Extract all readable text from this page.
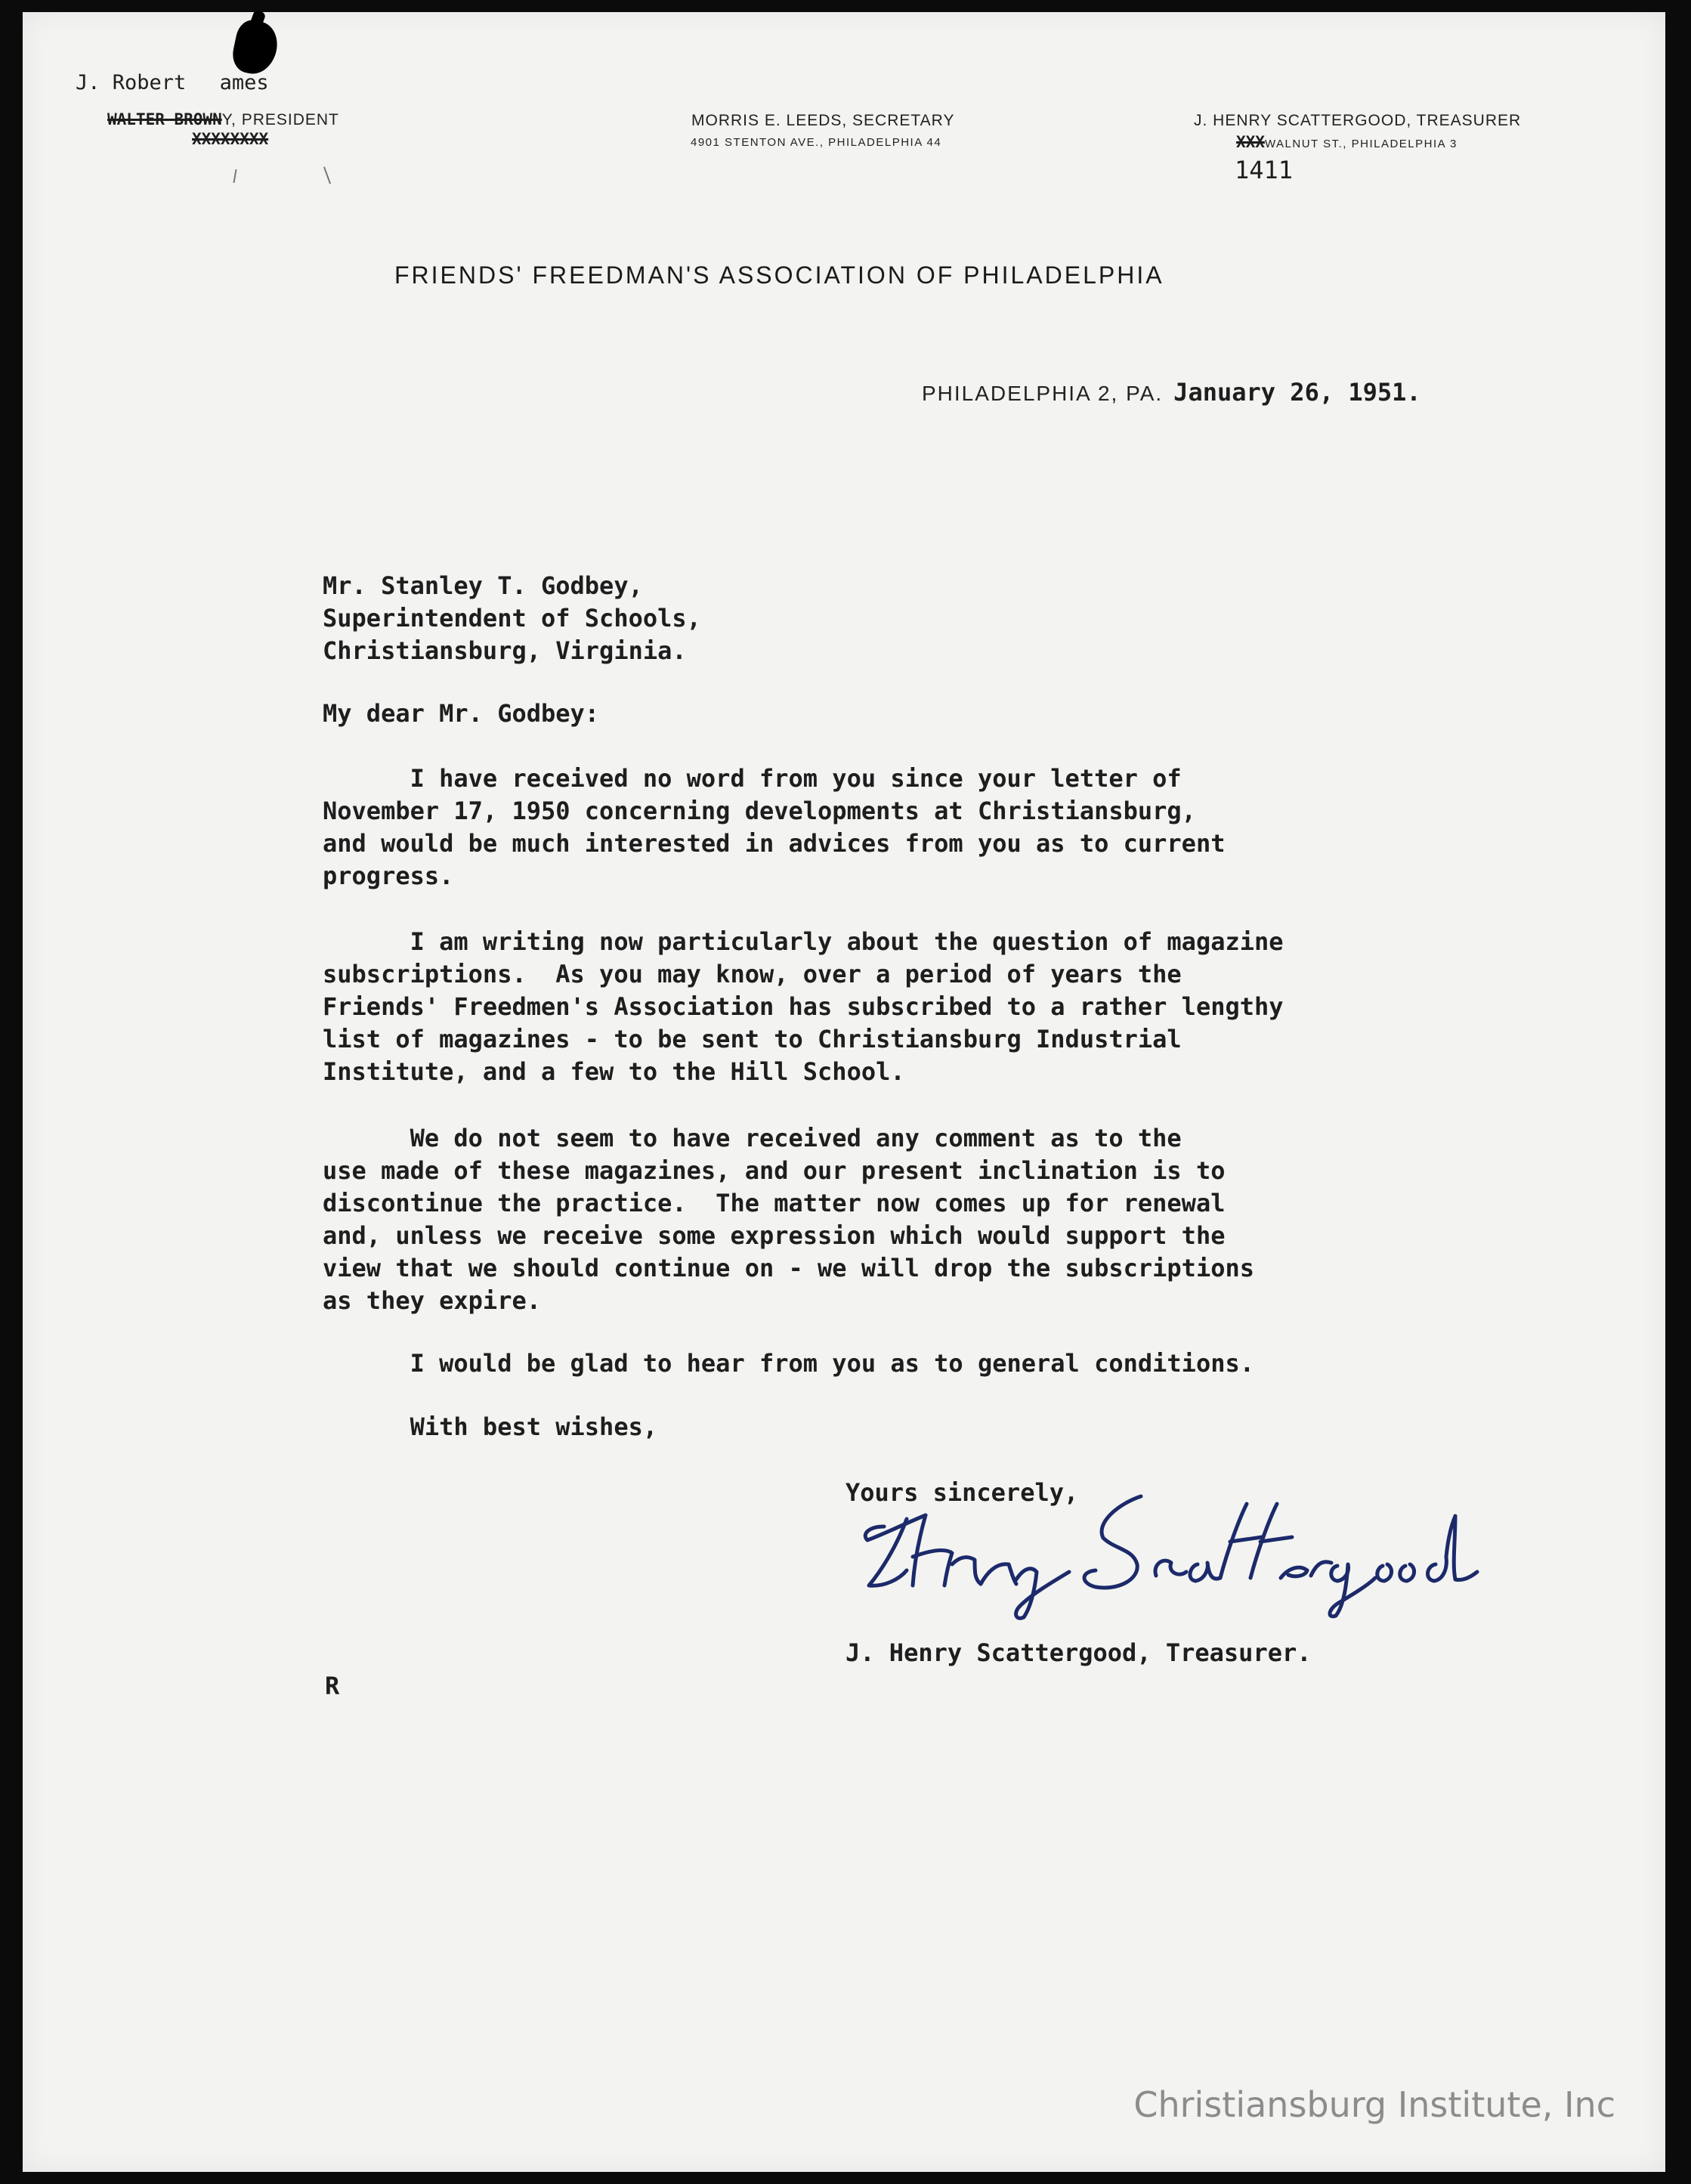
J. Robert ames
WALTER BROWNY, PRESIDENT
XXXXXXXX
MORRIS E. LEEDS, SECRETARY
4901 STENTON AVE., PHILADELPHIA 44
J. HENRY SCATTERGOOD, TREASURER
XXXWALNUT ST., PHILADELPHIA 3
1411
FRIENDS' FREEDMAN'S ASSOCIATION OF PHILADELPHIA
PHILADELPHIA 2, PA. January 26, 1951.
Mr. Stanley T. Godbey,
Superintendent of Schools,
Christiansburg, Virginia.
My dear Mr. Godbey:
I have received no word from you since your letter of
November 17, 1950 concerning developments at Christiansburg,
and would be much interested in advices from you as to current
progress.
I am writing now particularly about the question of magazine
subscriptions.  As you may know, over a period of years the
Friends' Freedmen's Association has subscribed to a rather lengthy
list of magazines - to be sent to Christiansburg Industrial
Institute, and a few to the Hill School.
We do not seem to have received any comment as to the
use made of these magazines, and our present inclination is to
discontinue the practice.  The matter now comes up for renewal
and, unless we receive some expression which would support the
view that we should continue on - we will drop the subscriptions
as they expire.
I would be glad to hear from you as to general conditions.
With best wishes,
Yours sincerely,
J. Henry Scattergood, Treasurer.
R
Christiansburg Institute, Inc
